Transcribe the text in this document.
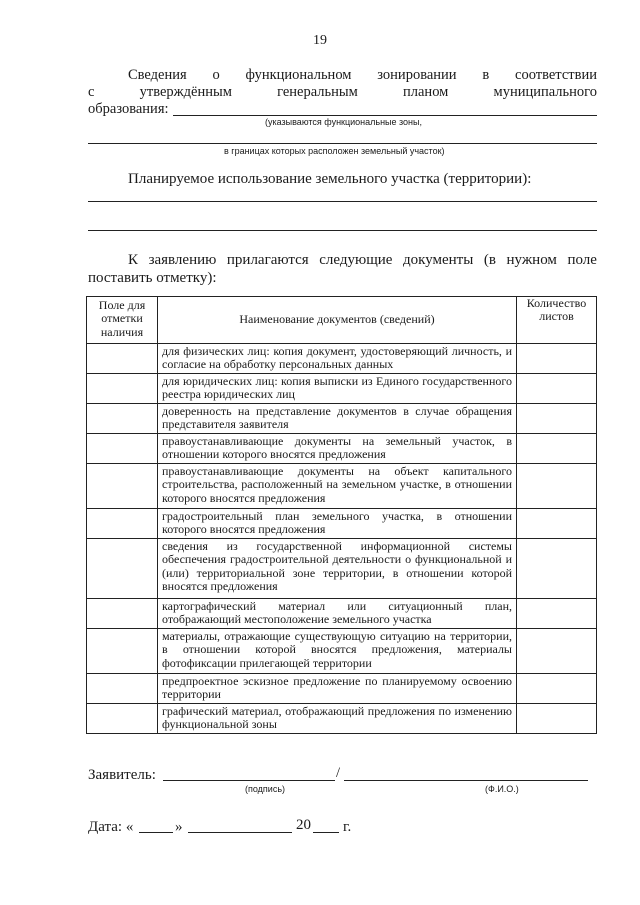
19
Сведения о функциональном зонировании в соответствии
с	утверждённым	генеральным	планом	муниципального
образования:
(указываются функциональные зоны,
в границах которых расположен земельный участок)
Планируемое использование земельного участка (территории):
К заявлению прилагаются следующие документы (в нужном поле
поставить отметку):
Поле для отметки наличия	Наименование документов (сведений)	Количество листов
	для физических лиц: копия документ, удостоверяющий личность, и согласие на обработку персональных данных	
	для юридических лиц: копия выписки из Единого государственного реестра юридических лиц	
	доверенность на представление документов в случае обращения представителя заявителя	
	правоустанавливающие документы на земельный участок, в отношении которого вносятся предложения	
	правоустанавливающие документы на объект капитального строительства, расположенный на земельном участке, в отношении которого вносятся предложения	
	градостроительный план земельного участка, в отношении которого вносятся предложения	
	сведения из государственной информационной системы обеспечения градостроительной деятельности о функциональной и (или) территориальной зоне территории, в отношении которой вносятся предложения	
	картографический материал или ситуационный план, отображающий местоположение земельного участка	
	материалы, отражающие существующую ситуацию на территории, в отношении которой вносятся предложения, материалы фотофиксации прилегающей территории	
	предпроектное эскизное предложение по планируемому освоению территории	
	графический материал, отображающий предложения по изменению функциональной зоны	
Заявитель:	/
(подпись)	(Ф.И.О.)
Дата: «	»	20 г.
